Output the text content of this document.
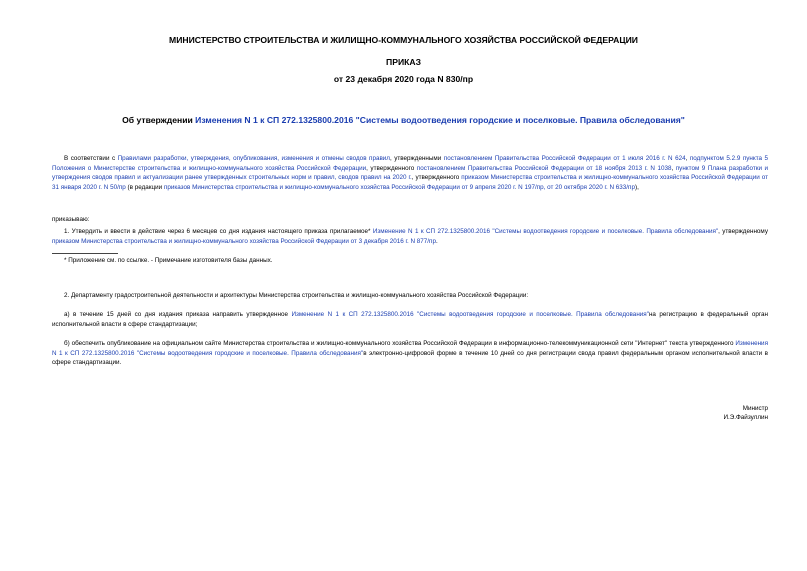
МИНИСТЕРСТВО СТРОИТЕЛЬСТВА И ЖИЛИЩНО-КОММУНАЛЬНОГО ХОЗЯЙСТВА РОССИЙСКОЙ ФЕДЕРАЦИИ
ПРИКАЗ
от 23 декабря 2020 года N 830/пр
Об утверждении Изменения N 1 к СП 272.1325800.2016 "Системы водоотведения городские и поселковые. Правила обследования"
В соответствии с Правилами разработки, утверждения, опубликования, изменения и отмены сводов правил, утвержденными постановлением Правительства Российской Федерации от 1 июля 2016 г. N 624, подпунктом 5.2.9 пункта 5 Положения о Министерстве строительства и жилищно-коммунального хозяйства Российской Федерации, утвержденного постановлением Правительства Российской Федерации от 18 ноября 2013 г. N 1038, пунктом 9 Плана разработки и утверждения сводов правил и актуализации ранее утвержденных строительных норм и правил, сводов правил на 2020 г., утвержденного приказом Министерства строительства и жилищно-коммунального хозяйства Российской Федерации от 31 января 2020 г. N 50/пр (в редакции приказов Министерства строительства и жилищно-коммунального хозяйства Российской Федерации от 9 апреля 2020 г. N 197/пр, от 20 октября 2020 г. N 633/пр),
приказываю:
1. Утвердить и ввести в действие через 6 месяцев со дня издания настоящего приказа прилагаемое* Изменение N 1 к СП 272.1325800.2016 "Системы водоотведения городские и поселковые. Правила обследования", утвержденному приказом Министерства строительства и жилищно-коммунального хозяйства Российской Федерации от 3 декабря 2016 г. N 877/пр.
* Приложение см. по ссылке. - Примечание изготовителя базы данных.
2. Департаменту градостроительной деятельности и архитектуры Министерства строительства и жилищно-коммунального хозяйства Российской Федерации:
а) в течение 15 дней со дня издания приказа направить утвержденное Изменение N 1 к СП 272.1325800.2016 "Системы водоотведения городские и поселковые. Правила обследования"на регистрацию в федеральный орган исполнительной власти в сфере стандартизации;
б) обеспечить опубликование на официальном сайте Министерства строительства и жилищно-коммунального хозяйства Российской Федерации в информационно-телекоммуникационной сети "Интернет" текста утвержденного Изменения N 1 к СП 272.1325800.2016 "Системы водоотведения городские и поселковые. Правила обследования"в электронно-цифровой форме в течение 10 дней со дня регистрации свода правил федеральным органом исполнительной власти в сфере стандартизации.
Министр
И.Э.Файзуллин
